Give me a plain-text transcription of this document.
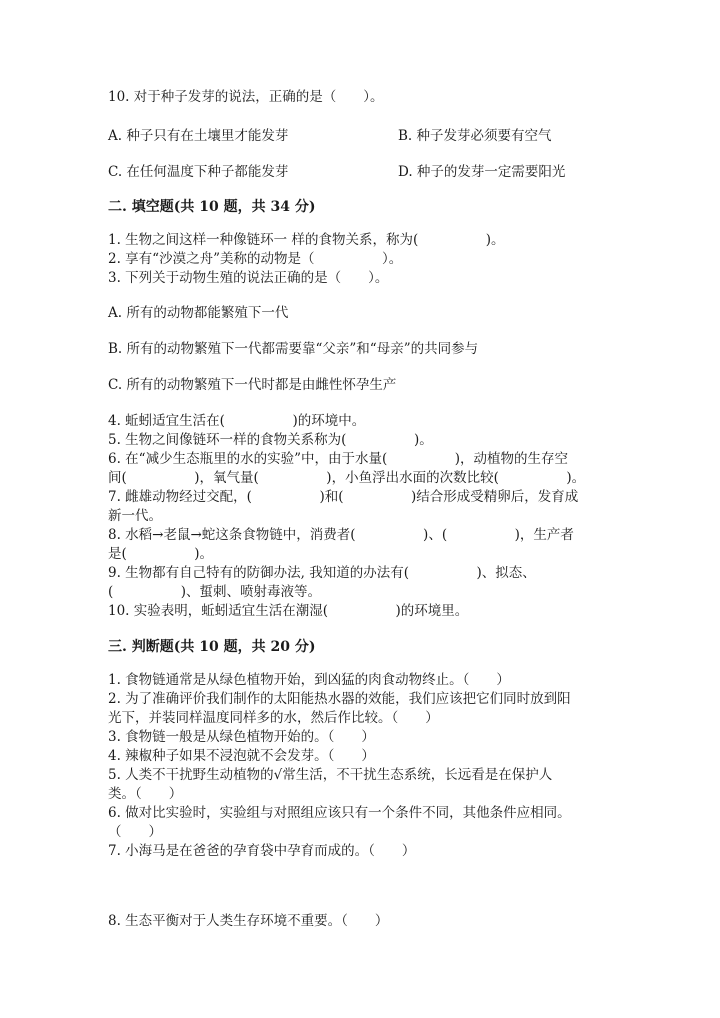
10. 对于种子发芽的说法，正确的是（　　）。
A. 种子只有在土壤里才能发芽	B. 种子发芽必须要有空气
C. 在任何温度下种子都能发芽	D. 种子的发芽一定需要阳光
二. 填空题(共 10 题，共 34 分)
1. 生物之间这样一种像链环一 样的食物关系，称为(　　　　　)。
2. 享有“沙漠之舟”美称的动物是（　　　　　）。
3. 下列关于动物生殖的说法正确的是（　　）。
A. 所有的动物都能繁殖下一代
B. 所有的动物繁殖下一代都需要靠“父亲”和“母亲”的共同参与
C. 所有的动物繁殖下一代时都是由雌性怀孕生产
4. 蚯蚓适宜生活在(　　　　　)的环境中。
5. 生物之间像链环一样的食物关系称为(　　　　　)。
6. 在“减少生态瓶里的水的实验”中，由于水量(　　　　　)，动植物的生存空
间(　　　　　)，氧气量(　　　　　)，小鱼浮出水面的次数比较(　　　　　)。
7. 雌雄动物经过交配，(　　　　　)和(　　　　　)结合形成受精卵后，发育成
新一代。
8. 水稻→老鼠→蛇这条食物链中，消费者(　　　　　)、(　　　　　)，生产者
是(　　　　　)。
9. 生物都有自己特有的防御办法, 我知道的办法有(　　　　　)、拟态、
(　　　　　)、蜇刺、喷射毒液等。
10. 实验表明，蚯蚓适宜生活在潮湿(　　　　　)的环境里。
三. 判断题(共 10 题，共 20 分)
1. 食物链通常是从绿色植物开始，到凶猛的肉食动物终止。（　　）
2. 为了准确评价我们制作的太阳能热水器的效能，我们应该把它们同时放到阳
光下，并装同样温度同样多的水，然后作比较。（　　）
3. 食物链一般是从绿色植物开始的。（　　）
4. 辣椒种子如果不浸泡就不会发芽。（　　）
5. 人类不干扰野生动植物的√常生活，不干扰生态系统，长远看是在保护人
类。（　　）
6. 做对比实验时，实验组与对照组应该只有一个条件不同，其他条件应相同。
（　　）
7. 小海马是在爸爸的孕育袋中孕育而成的。（　　）
8. 生态平衡对于人类生存环境不重要。（　　）
